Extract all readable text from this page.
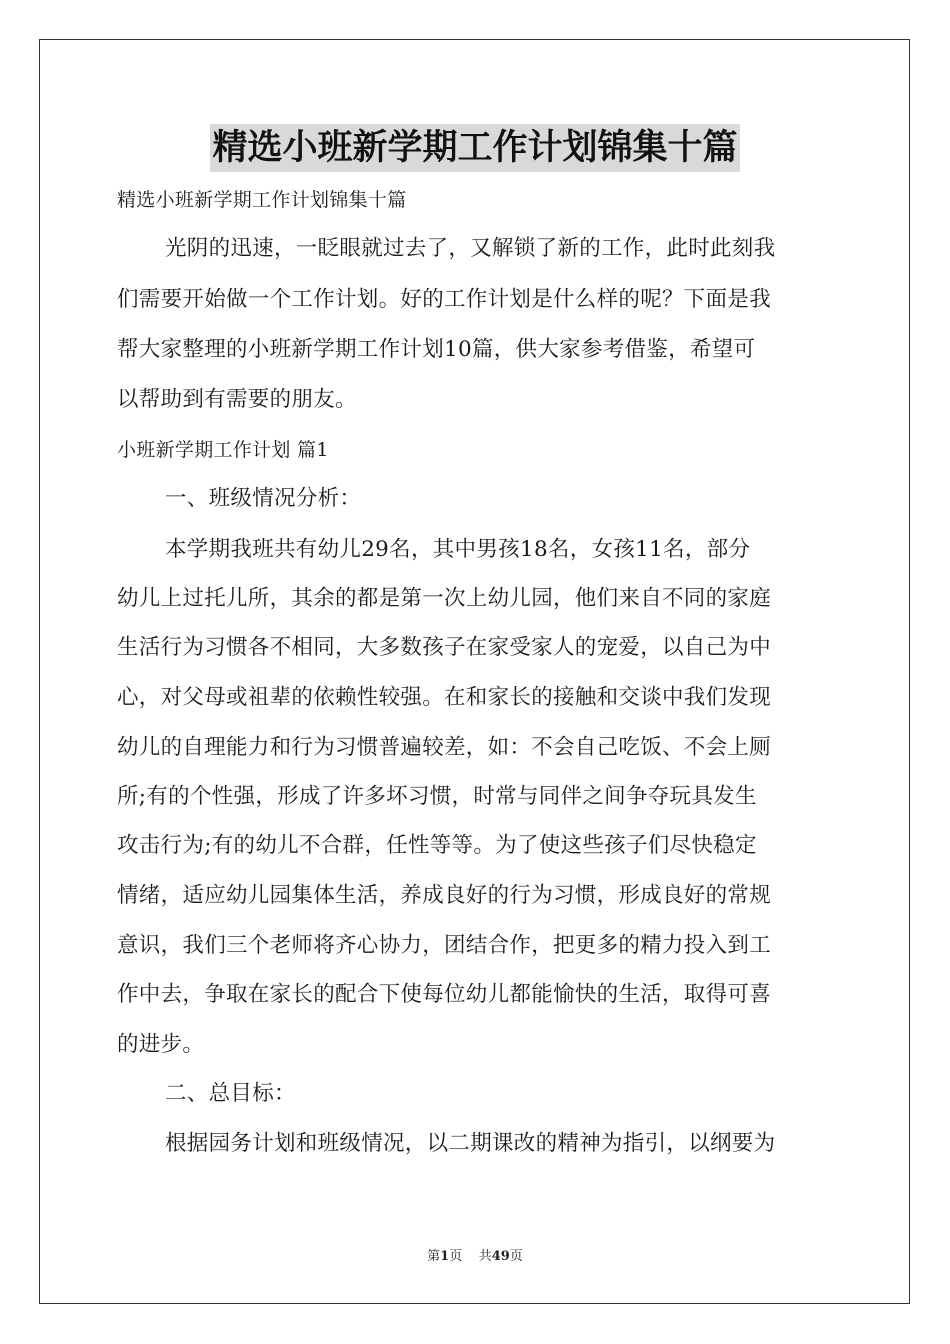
精选小班新学期工作计划锦集十篇
精选小班新学期工作计划锦集十篇
光阴的迅速，一眨眼就过去了，又解锁了新的工作，此时此刻我
们需要开始做一个工作计划。好的工作计划是什么样的呢？下面是我
帮大家整理的小班新学期工作计划10篇，供大家参考借鉴，希望可
以帮助到有需要的朋友。
小班新学期工作计划 篇1
一、班级情况分析：
本学期我班共有幼儿29名，其中男孩18名，女孩11名，部分
幼儿上过托儿所，其余的都是第一次上幼儿园，他们来自不同的家庭
生活行为习惯各不相同，大多数孩子在家受家人的宠爱，以自己为中
心，对父母或祖辈的依赖性较强。在和家长的接触和交谈中我们发现
幼儿的自理能力和行为习惯普遍较差，如：不会自己吃饭、不会上厕
所;有的个性强，形成了许多坏习惯，时常与同伴之间争夺玩具发生
攻击行为;有的幼儿不合群，任性等等。为了使这些孩子们尽快稳定
情绪，适应幼儿园集体生活，养成良好的行为习惯，形成良好的常规
意识，我们三个老师将齐心协力，团结合作，把更多的精力投入到工
作中去，争取在家长的配合下使每位幼儿都能愉快的生活，取得可喜
的进步。
二、总目标：
根据园务计划和班级情况，以二期课改的精神为指引，以纲要为
第1页 共49页
